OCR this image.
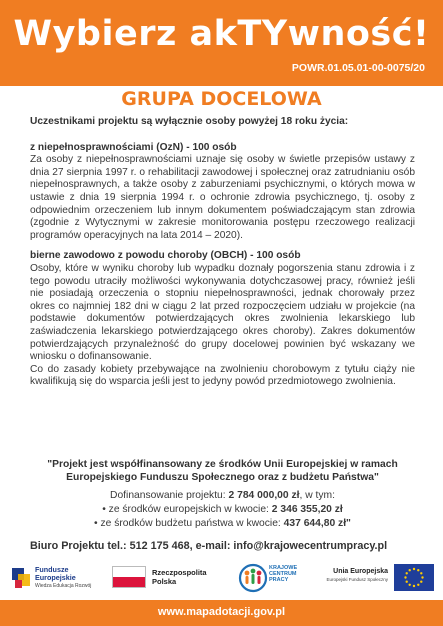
Wybierz akTYwność!
POWR.01.05.01-00-0075/20
GRUPA DOCELOWA

Uczestnikami projektu są wyłącznie osoby powyżej 18 roku życia:

z niepełnosprawnościami (OzN) - 100 osób

Za osoby z niepełnosprawnościami uznaje się osoby w świetle przepisów ustawy z dnia 27 sierpnia 1997 r. o rehabilitacji zawodowej i społecznej oraz zatrudnianiu osób niepełnosprawnych, a także osoby z zaburzeniami psychicznymi, o których mowa w ustawie z dnia 19 sierpnia 1994 r. o ochronie zdrowia psychicznego, tj. osoby z odpowiednim orzeczeniem lub innym dokumentem poświadczającym stan zdrowia (zgodnie z Wytycznymi w zakresie monitorowania postępu rzeczowego realizacji programów operacyjnych na lata 2014 – 2020).

bierne zawodowo z powodu choroby (OBCH) - 100 osób

Osoby, które w wyniku choroby lub wypadku doznały pogorszenia stanu zdrowia i z tego powodu utraciły możliwości wykonywania dotychczasowej pracy, również jeśli nie posiadają orzeczenia o stopniu niepełnosprawności, jednak chorowały przez okres co najmniej 182 dni w ciągu 2 lat przed rozpoczęciem udziału w projekcie (na podstawie dokumentów potwierdzających okres zwolnienia lekarskiego lub zaświadczenia lekarskiego potwierdzającego okres choroby). Zakres dokumentów potwierdzających przynależność do grupy docelowej powinien być wskazany we wniosku o dofinansowanie.

Co do zasady kobiety przebywające na zwolnieniu chorobowym z tytułu ciąży nie kwalifikują się do wsparcia jeśli jest to jedyny powód przedmiotowego zwolnienia.

"Projekt jest współfinansowany ze środków Unii Europejskiej w ramach Europejskiego Funduszu Społecznego oraz z budżetu Państwa"
Dofinansowanie projektu: 2 784 000,00 zł, w tym:
• ze środków europejskich w kwocie: 2 346 355,20 zł
• ze środków budżetu państwa w kwocie: 437 644,80 zł"
Biuro Projektu tel.: 512 175 468, e-mail: info@krajowecentrumpracy.pl
Fundusze
Europejskie
Wiedza Edukacja Rozwój
Rzeczpospolita
Polska
KRAJOWE
CENTRUM
PRACY
Unia Europejska
Europejski Fundusz Społeczny
www.mapadotacji.gov.pl
